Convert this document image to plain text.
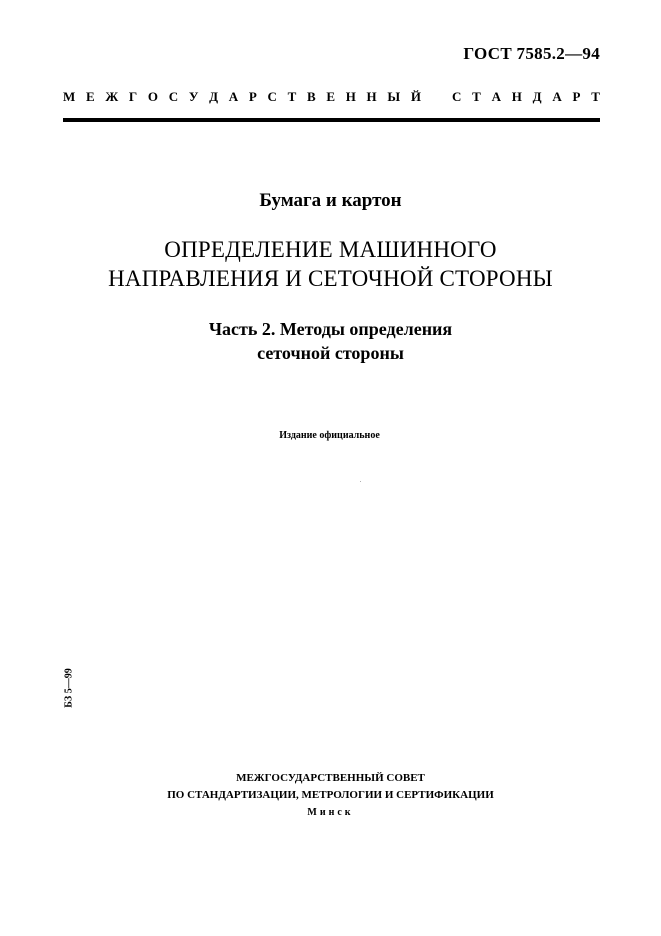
ГОСТ 7585.2—94
М Е Ж Г О С У Д А Р С Т В Е Н Н Ы Й С Т А Н Д А Р Т
Бумага и картон
ОПРЕДЕЛЕНИЕ МАШИННОГО
НАПРАВЛЕНИЯ И СЕТОЧНОЙ СТОРОНЫ
Часть 2. Методы определения
сеточной стороны
Издание официальное
БЗ 5—99
МЕЖГОСУДАРСТВЕННЫЙ СОВЕТ
ПО СТАНДАРТИЗАЦИИ, МЕТРОЛОГИИ И СЕРТИФИКАЦИИ
Минск
